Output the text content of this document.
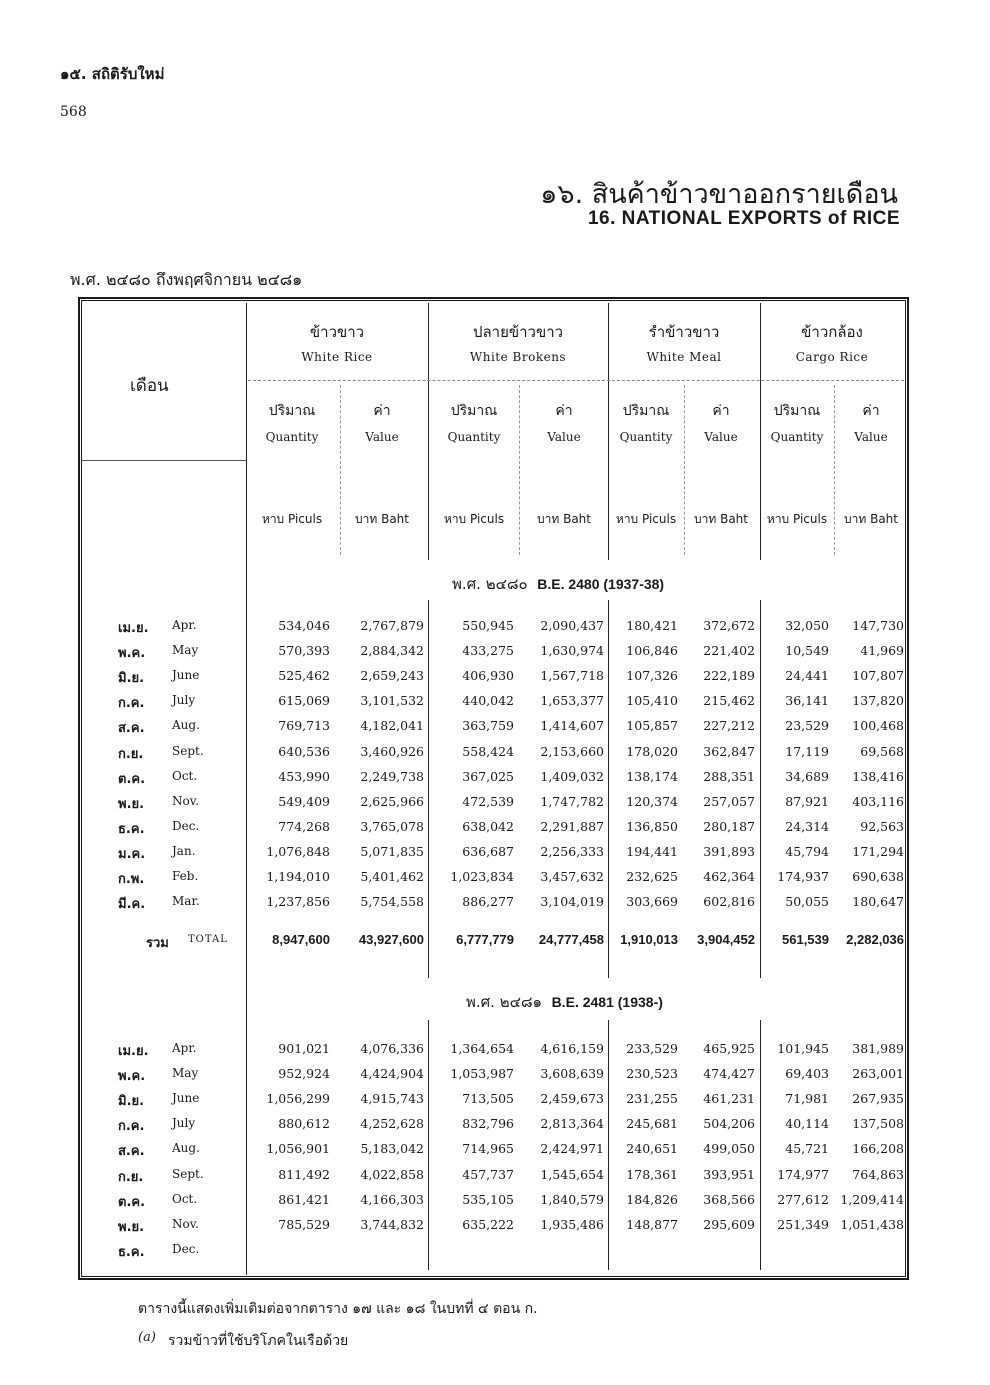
๑๕. สถิติรับใหม่
568
๑๖. สินค้าข้าวขาออกรายเดือน
16. NATIONAL EXPORTS of RICE
พ.ศ. ๒๔๘๐ ถึงพฤศจิกายน ๒๔๘๑
เดือน
ข้าวขาว
White Rice
ปลายข้าวขาว
White Brokens
รำข้าวขาว
White Meal
ข้าวกล้อง
Cargo Rice
ปริมาณ
Quantity
หาบ Piculs
ค่า
Value
บาท Baht
ปริมาณ
Quantity
หาบ Piculs
ค่า
Value
บาท Baht
ปริมาณ
Quantity
หาบ Piculs
ค่า
Value
บาท Baht
ปริมาณ
Quantity
หาบ Piculs
ค่า
Value
บาท Baht
พ.ศ. ๒๔๘๐ B.E. 2480 (1937-38)
เม.ย. Apr.	534,046	2,767,879	550,945	2,090,437	180,421	372,672	32,050	147,730
พ.ค. May	570,393	2,884,342	433,275	1,630,974	106,846	221,402	10,549	41,969
มิ.ย. June	525,462	2,659,243	406,930	1,567,718	107,326	222,189	24,441	107,807
ก.ค. July	615,069	3,101,532	440,042	1,653,377	105,410	215,462	36,141	137,820
ส.ค. Aug.	769,713	4,182,041	363,759	1,414,607	105,857	227,212	23,529	100,468
ก.ย. Sept.	640,536	3,460,926	558,424	2,153,660	178,020	362,847	17,119	69,568
ต.ค. Oct.	453,990	2,249,738	367,025	1,409,032	138,174	288,351	34,689	138,416
พ.ย. Nov.	549,409	2,625,966	472,539	1,747,782	120,374	257,057	87,921	403,116
ธ.ค. Dec.	774,268	3,765,078	638,042	2,291,887	136,850	280,187	24,314	92,563
ม.ค. Jan.	1,076,848	5,071,835	636,687	2,256,333	194,441	391,893	45,794	171,294
ก.พ. Feb.	1,194,010	5,401,462	1,023,834	3,457,632	232,625	462,364	174,937	690,638
มี.ค. Mar.	1,237,856	5,754,558	886,277	3,104,019	303,669	602,816	50,055	180,647
รวม TOTAL	8,947,600	43,927,600	6,777,779	24,777,458	1,910,013	3,904,452	561,539	2,282,036
พ.ศ. ๒๔๘๑ B.E. 2481 (1938-)
เม.ย. Apr.	901,021	4,076,336	1,364,654	4,616,159	233,529	465,925	101,945	381,989
พ.ค. May	952,924	4,424,904	1,053,987	3,608,639	230,523	474,427	69,403	263,001
มิ.ย. June	1,056,299	4,915,743	713,505	2,459,673	231,255	461,231	71,981	267,935
ก.ค. July	880,612	4,252,628	832,796	2,813,364	245,681	504,206	40,114	137,508
ส.ค. Aug.	1,056,901	5,183,042	714,965	2,424,971	240,651	499,050	45,721	166,208
ก.ย. Sept.	811,492	4,022,858	457,737	1,545,654	178,361	393,951	174,977	764,863
ต.ค. Oct.	861,421	4,166,303	535,105	1,840,579	184,826	368,566	277,612 1,209,414
พ.ย. Nov.	785,529	3,744,832	635,222	1,935,486	148,877	295,609	251,349 1,051,438
ธ.ค. Dec.
ตารางนี้แสดงเพิ่มเติมต่อจากตาราง ๑๗ และ ๑๘ ในบทที่ ๔ ตอน ก.
(a) รวมข้าวที่ใช้บริโภคในเรือด้วย
